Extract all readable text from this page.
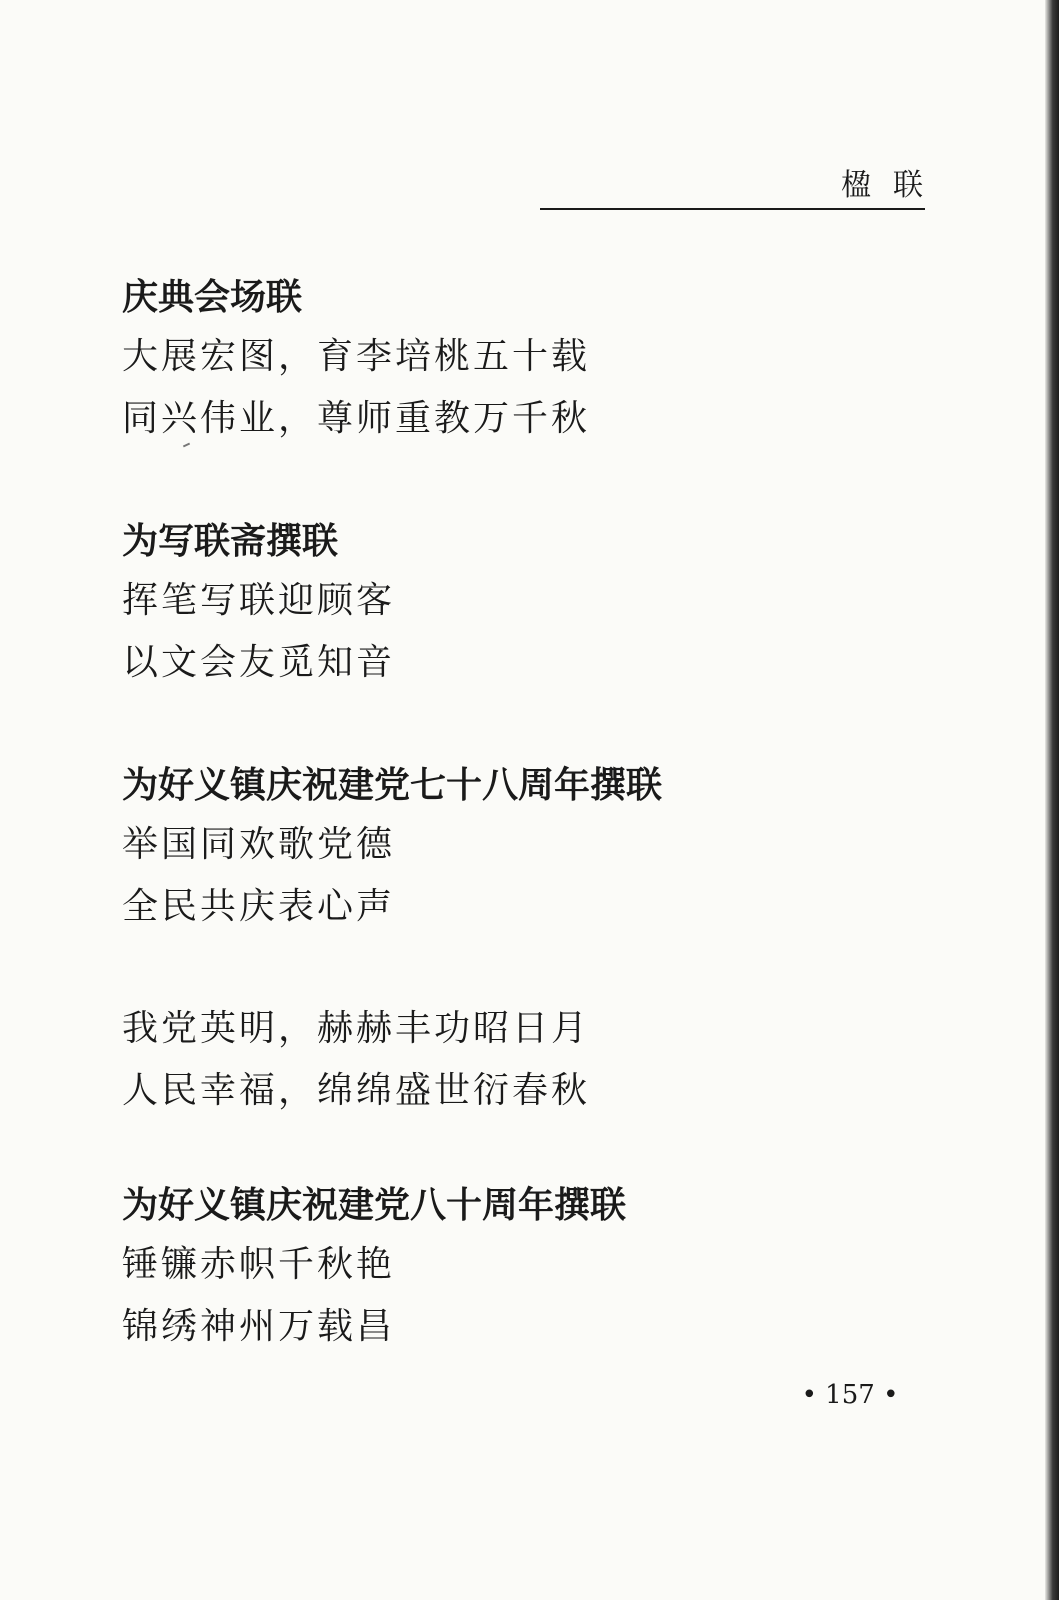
楹联

庆典会场联

大展宏图，育李培桃五十载

同兴伟业，尊师重教万千秋

为写联斋撰联

挥笔写联迎顾客

以文会友觅知音

为好义镇庆祝建党七十八周年撰联

举国同欢歌党德

全民共庆表心声

我党英明，赫赫丰功昭日月

人民幸福，绵绵盛世衍春秋

为好义镇庆祝建党八十周年撰联

锤镰赤帜千秋艳

锦绣神州万载昌

• 157 •
